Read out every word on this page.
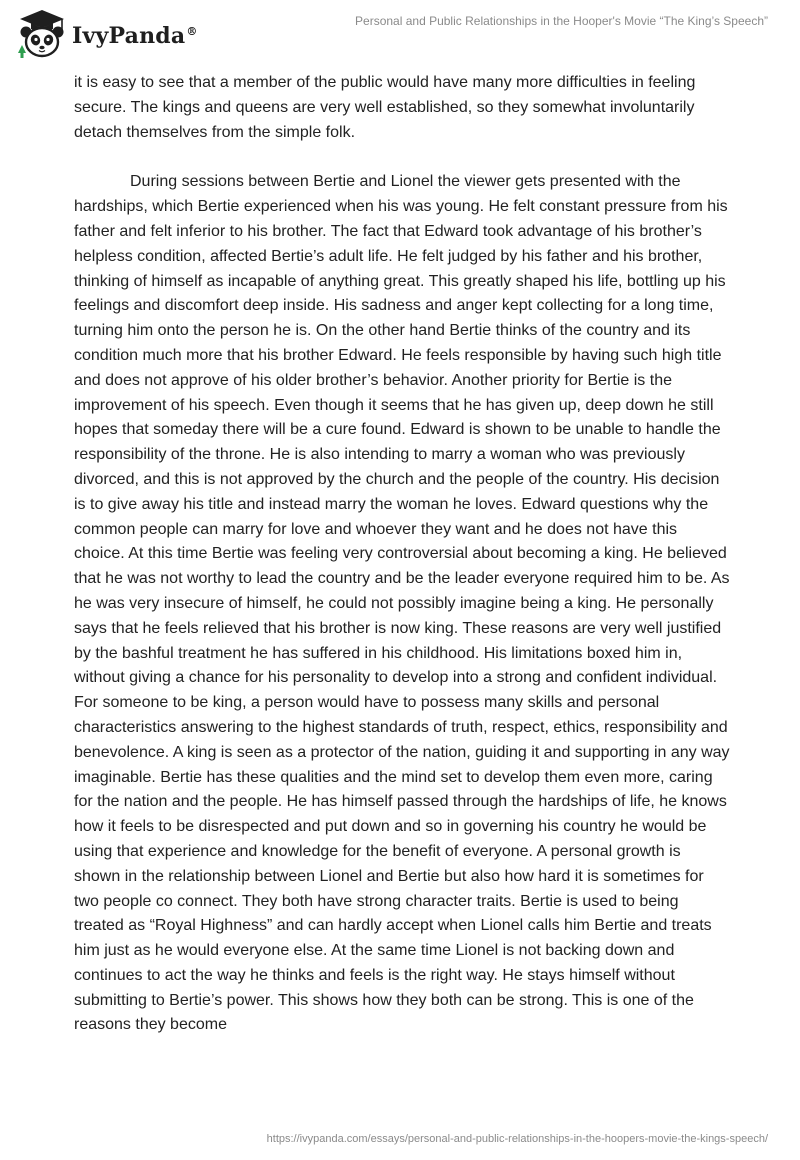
IvyPanda®
Personal and Public Relationships in the Hooper's Movie “The King’s Speech”

it is easy to see that a member of the public would have many more difficulties in feeling secure. The kings and queens are very well established, so they somewhat involuntarily detach themselves from the simple folk.

During sessions between Bertie and Lionel the viewer gets presented with the hardships, which Bertie experienced when his was young. He felt constant pressure from his father and felt inferior to his brother. The fact that Edward took advantage of his brother’s helpless condition, affected Bertie’s adult life. He felt judged by his father and his brother, thinking of himself as incapable of anything great. This greatly shaped his life, bottling up his feelings and discomfort deep inside. His sadness and anger kept collecting for a long time, turning him onto the person he is. On the other hand Bertie thinks of the country and its condition much more that his brother Edward. He feels responsible by having such high title and does not approve of his older brother’s behavior. Another priority for Bertie is the improvement of his speech. Even though it seems that he has given up, deep down he still hopes that someday there will be a cure found. Edward is shown to be unable to handle the responsibility of the throne. He is also intending to marry a woman who was previously divorced, and this is not approved by the church and the people of the country. His decision is to give away his title and instead marry the woman he loves. Edward questions why the common people can marry for love and whoever they want and he does not have this choice. At this time Bertie was feeling very controversial about becoming a king. He believed that he was not worthy to lead the country and be the leader everyone required him to be. As he was very insecure of himself, he could not possibly imagine being a king. He personally says that he feels relieved that his brother is now king. These reasons are very well justified by the bashful treatment he has suffered in his childhood. His limitations boxed him in, without giving a chance for his personality to develop into a strong and confident individual. For someone to be king, a person would have to possess many skills and personal characteristics answering to the highest standards of truth, respect, ethics, responsibility and benevolence. A king is seen as a protector of the nation, guiding it and supporting in any way imaginable. Bertie has these qualities and the mind set to develop them even more, caring for the nation and the people. He has himself passed through the hardships of life, he knows how it feels to be disrespected and put down and so in governing his country he would be using that experience and knowledge for the benefit of everyone. A personal growth is shown in the relationship between Lionel and Bertie but also how hard it is sometimes for two people co connect. They both have strong character traits. Bertie is used to being treated as “Royal Highness” and can hardly accept when Lionel calls him Bertie and treats him just as he would everyone else. At the same time Lionel is not backing down and continues to act the way he thinks and feels is the right way. He stays himself without submitting to Bertie’s power. This shows how they both can be strong. This is one of the reasons they become

https://ivypanda.com/essays/personal-and-public-relationships-in-the-hoopers-movie-the-kings-speech/
